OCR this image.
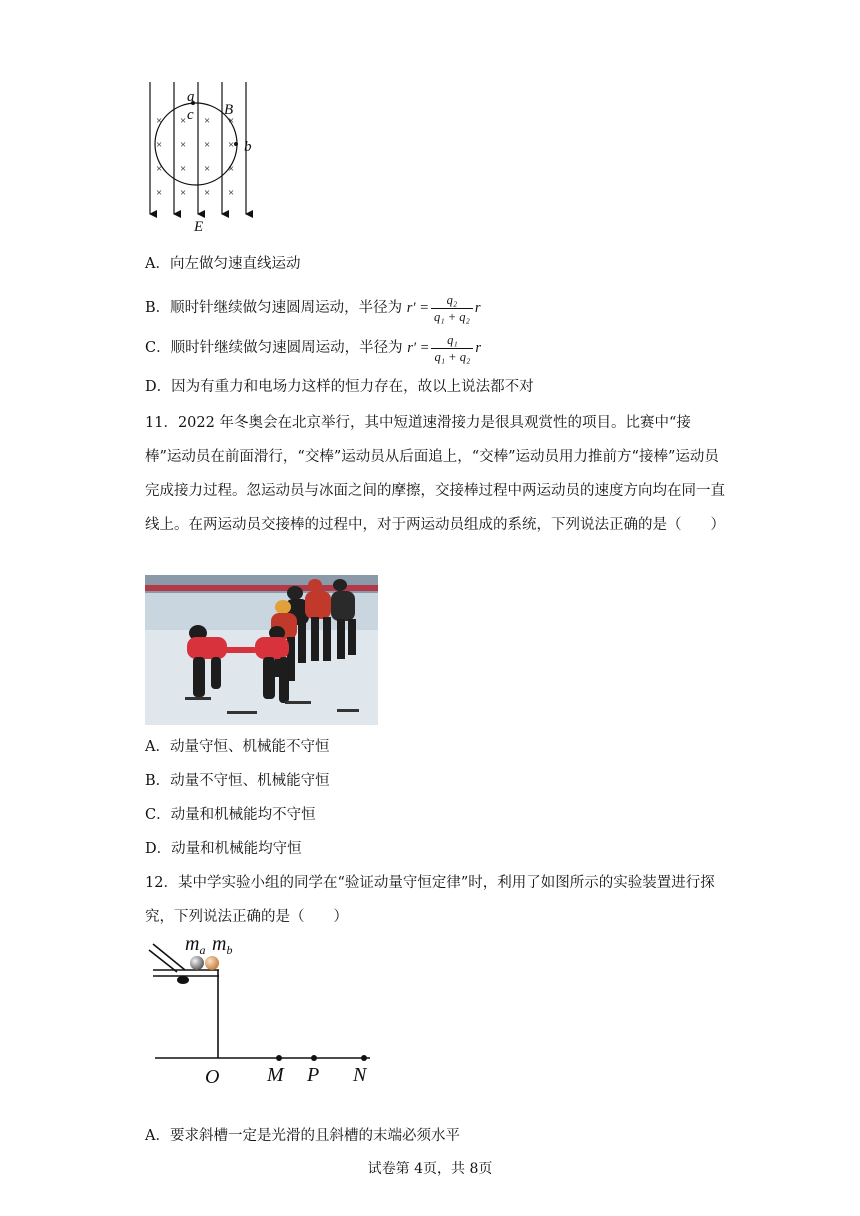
× × × ×
× × × ×
× × × ×
× × × ×
a
c B
b
E
A．向左做匀速直线运动
B．顺时针继续做匀速圆周运动，半径为 $r' = \frac{\text{q₂}}{\text{q₁ + q₂}}$ r
C．顺时针继续做匀速圆周运动，半径为 $r' = \frac{\text{q₁}}{\text{q₁ + q₂}}$ r
D．因为有重力和电场力这样的恒力存在，故以上说法都不对
11．2022 年冬奥会在北京举行，其中短道速滑接力是很具观赏性的项目。比赛中“接棒”运动员在前面滑行，“交棒”运动员从后面追上，“交棒”运动员用力推前方“接棒”运动员完成接力过程。忽运动员与冰面之间的摩擦，交接棒过程中两运动员的速度方向均在同一直线上。在两运动员交接棒的过程中，对于两运动员组成的系统，下列说法正确的是（　　）
A．动量守恒、机械能不守恒
B．动量不守恒、机械能守恒
C．动量和机械能均不守恒
D．动量和机械能均守恒
12．某中学实验小组的同学在“验证动量守恒定律”时，利用了如图所示的实验装置进行探究，下列说法正确的是（　　）
$m_a$ $m_b$
O M P N
A．要求斜槽一定是光滑的且斜槽的末端必须水平
试卷第 4页，共 8页
